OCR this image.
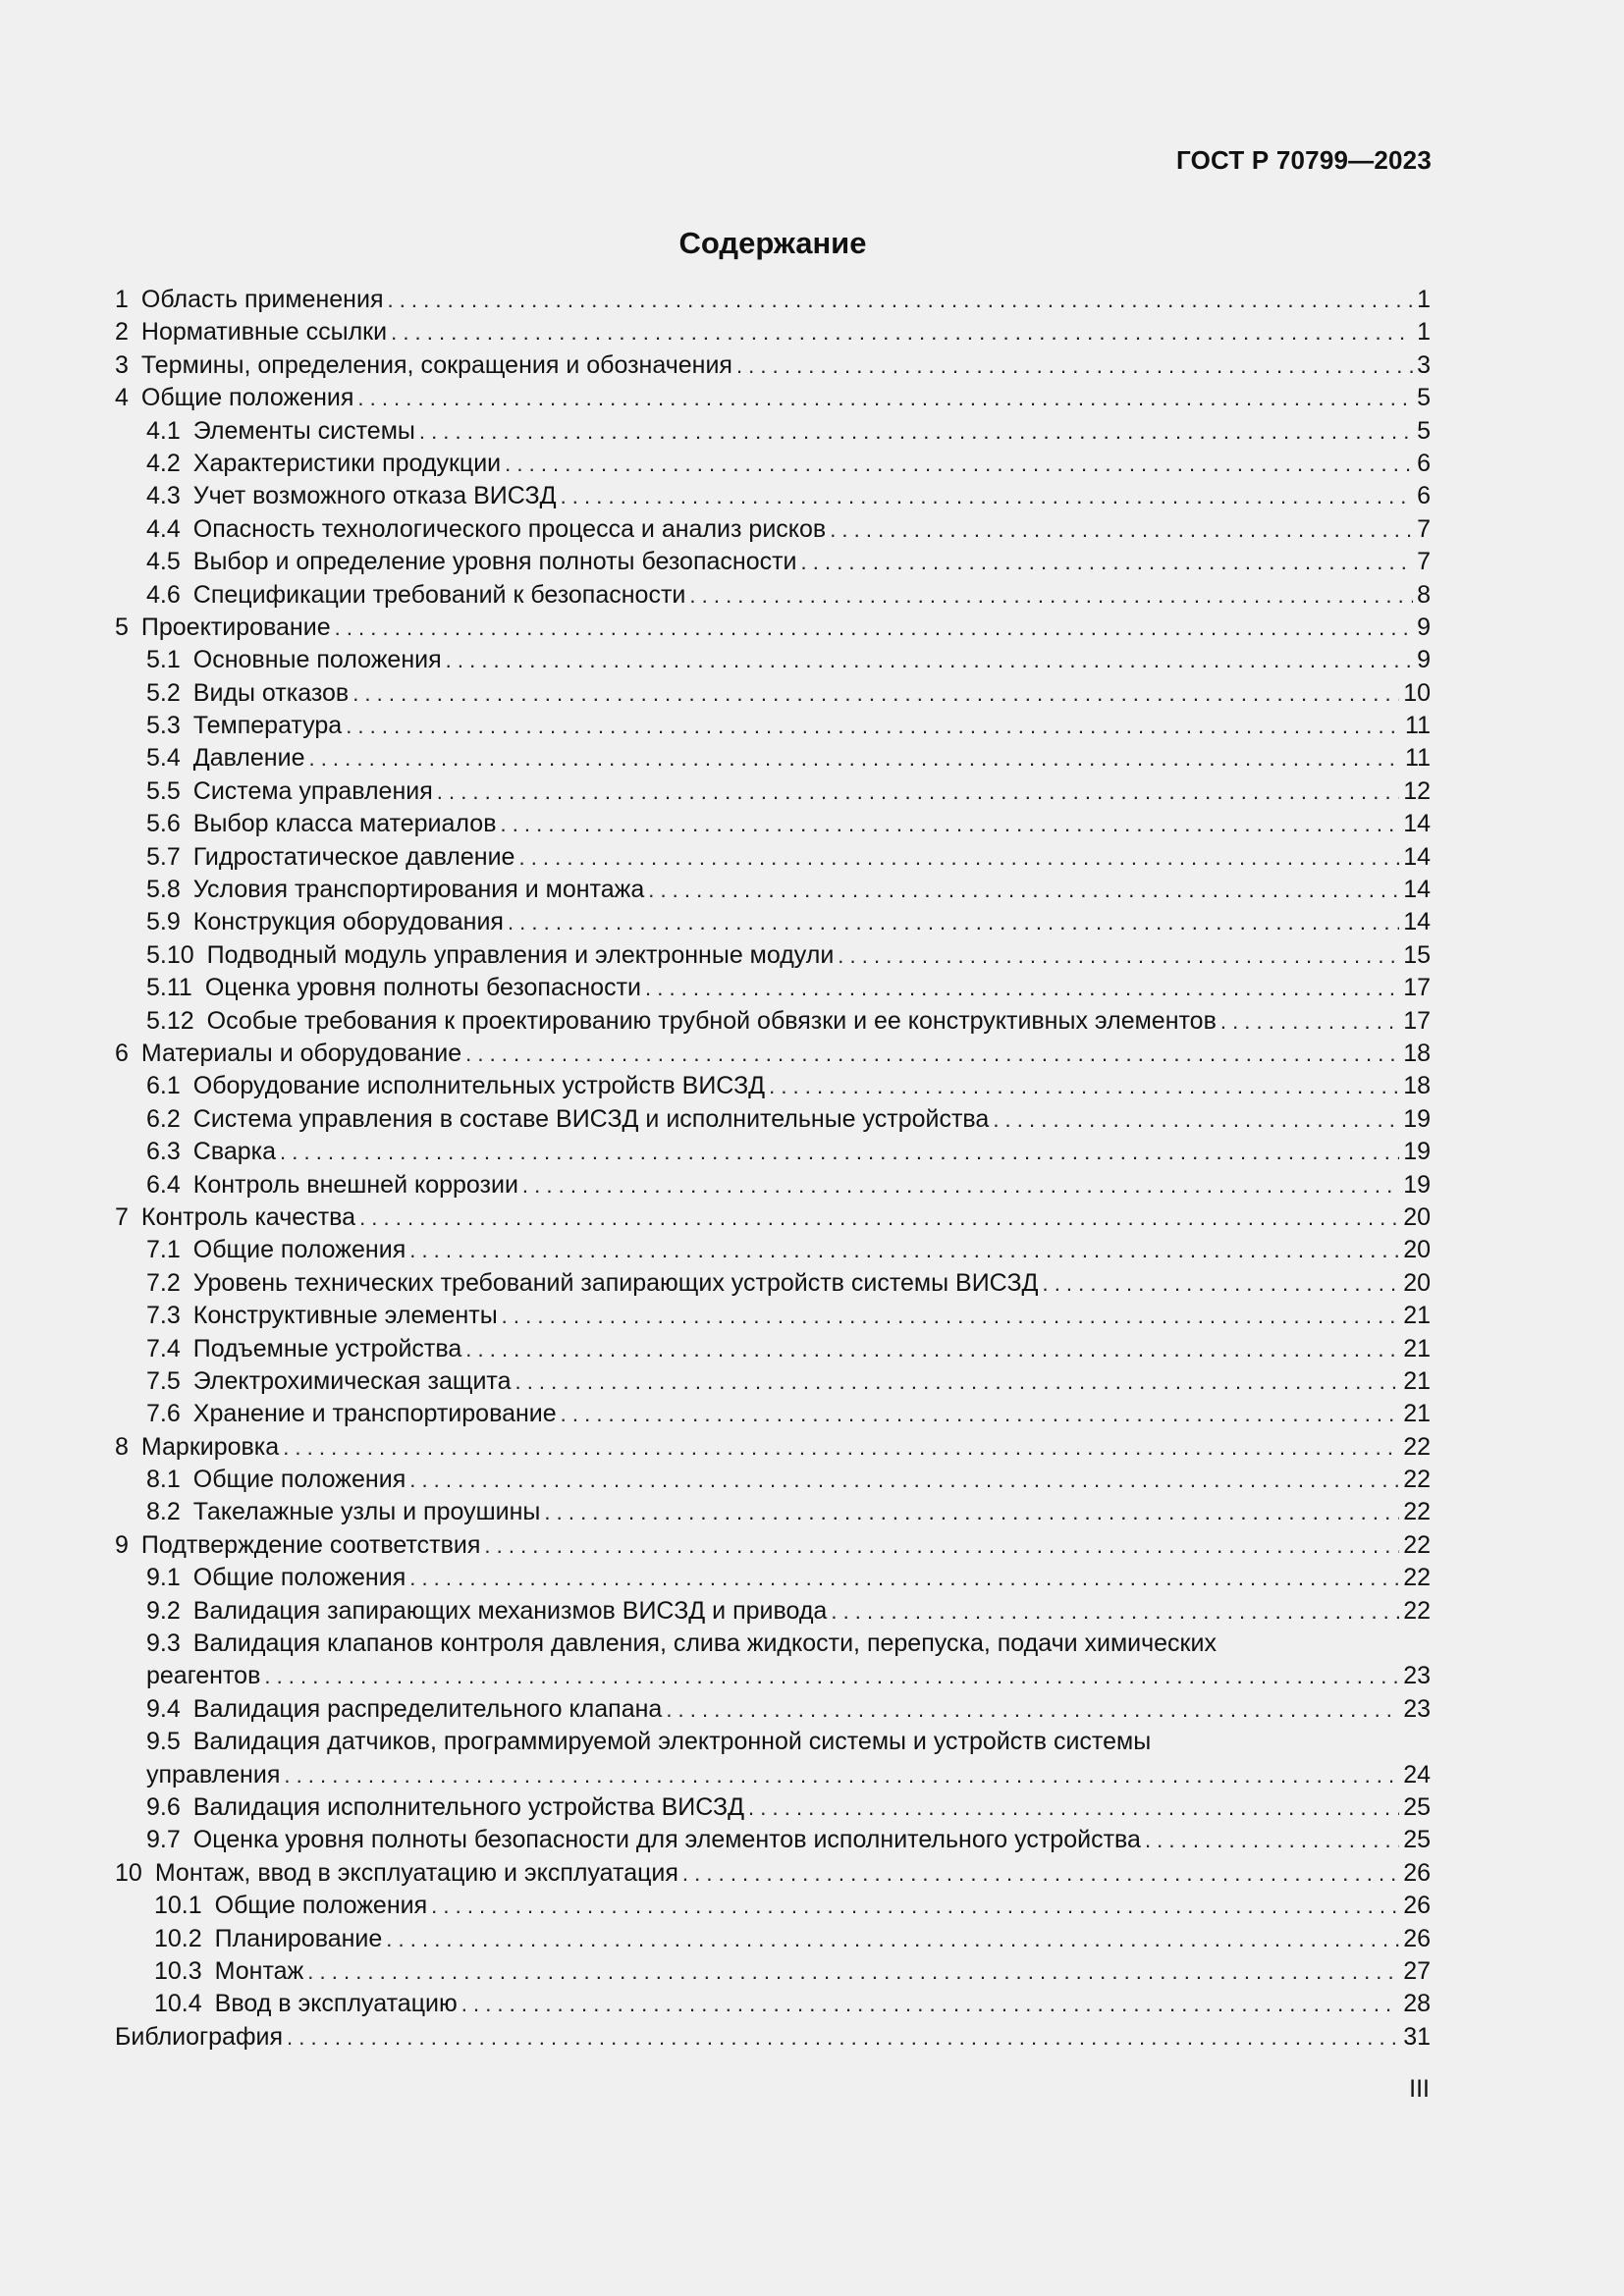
ГОСТ Р 70799—2023
Содержание
1 Область применения . . .	1
2 Нормативные ссылки . . .	1
3 Термины, определения, сокращения и обозначения . . .	3
4 Общие положения . . .	5
4.1 Элементы системы . . .	5
4.2 Характеристики продукции . . .	6
4.3 Учет возможного отказа ВИСЗД . . .	6
4.4 Опасность технологического процесса и анализ рисков . . .	7
4.5 Выбор и определение уровня полноты безопасности . . .	7
4.6 Спецификации требований к безопасности . . .	8
5 Проектирование . . .	9
5.1 Основные положения . . .	9
5.2 Виды отказов . . .	10
5.3 Температура . . .	11
5.4 Давление . . .	11
5.5 Система управления . . .	12
5.6 Выбор класса материалов . . .	14
5.7 Гидростатическое давление . . .	14
5.8 Условия транспортирования и монтажа . . .	14
5.9 Конструкция оборудования . . .	14
5.10 Подводный модуль управления и электронные модули . . .	15
5.11 Оценка уровня полноты безопасности . . .	17
5.12 Особые требования к проектированию трубной обвязки и ее конструктивных элементов . . .	17
6 Материалы и оборудование . . .	18
6.1 Оборудование исполнительных устройств ВИСЗД . . .	18
6.2 Система управления в составе ВИСЗД и исполнительные устройства . . .	19
6.3 Сварка . . .	19
6.4 Контроль внешней коррозии . . .	19
7 Контроль качества . . .	20
7.1 Общие положения . . .	20
7.2 Уровень технических требований запирающих устройств системы ВИСЗД . . .	20
7.3 Конструктивные элементы . . .	21
7.4 Подъемные устройства . . .	21
7.5 Электрохимическая защита . . .	21
7.6 Хранение и транспортирование . . .	21
8 Маркировка . . .	22
8.1 Общие положения . . .	22
8.2 Такелажные узлы и проушины . . .	22
9 Подтверждение соответствия . . .	22
9.1 Общие положения . . .	22
9.2 Валидация запирающих механизмов ВИСЗД и привода . . .	22
9.3 Валидация клапанов контроля давления, слива жидкости, перепуска, подачи химических
реагентов . . .	23
9.4 Валидация распределительного клапана . . .	23
9.5 Валидация датчиков, программируемой электронной системы и устройств системы
управления . . .	24
9.6 Валидация исполнительного устройства ВИСЗД . . .	25
9.7 Оценка уровня полноты безопасности для элементов исполнительного устройства . . .	25
10 Монтаж, ввод в эксплуатацию и эксплуатация . . .	26
10.1 Общие положения . . .	26
10.2 Планирование . . .	26
10.3 Монтаж . . .	27
10.4 Ввод в эксплуатацию . . .	28
Библиография . . .	31
III
